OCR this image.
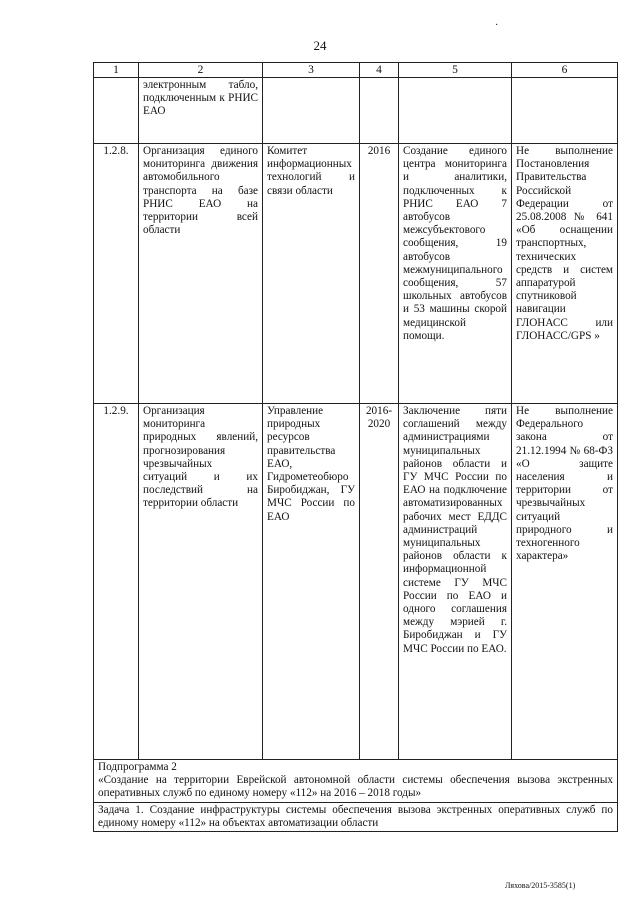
24
·
1	2	3	4	5	6
	электронным табло, подключенным к РНИС ЕАО				
1.2.8.	Организация единого мониторинга движения автомобильного транспорта на базе РНИС ЕАО на территории всей области	Комитет информационных технологий и связи области	2016	Создание единого центра мониторинга и аналитики, подключенных к РНИС ЕАО 7 автобусов межсубъектового сообщения, 19 автобусов межмуниципального сообщения, 57 школьных автобусов и 53 машины скорой медицинской помощи.	Не выполнение Постановления Правительства Российской Федерации от 25.08.2008 № 641 «Об оснащении транспортных, технических средств и систем аппаратурой спутниковой навигации ГЛОНАСС или ГЛОНАСС/GPS »
1.2.9.	Организация мониторинга природных явлений, прогнозирования чрезвычайных ситуаций и их последствий на территории области	Управление природных ресурсов правительства ЕАО, Гидрометеобюро Биробиджан, ГУ МЧС России по ЕАО	2016-2020	Заключение пяти соглашений между администрациями муниципальных районов области и ГУ МЧС России по ЕАО на подключение автоматизированных рабочих мест ЕДДС администраций муниципальных районов области к информационной системе ГУ МЧС России по ЕАО и одного соглашения между мэрией г. Биробиджан и ГУ МЧС России по ЕАО.	Не выполнение Федерального закона от 21.12.1994 № 68-ФЗ «О защите населения и территории от чрезвычайных ситуаций природного и техногенного характера»

Подпрограмма 2
«Создание на территории Еврейской автономной области системы обеспечения вызова экстренных оперативных служб по единому номеру «112» на 2016 – 2018 годы»					

Задача 1. Создание инфраструктуры системы обеспечения вызова экстренных оперативных служб по единому номеру «112» на объектах автоматизации области					
Ляхова/2015-3585(1)
